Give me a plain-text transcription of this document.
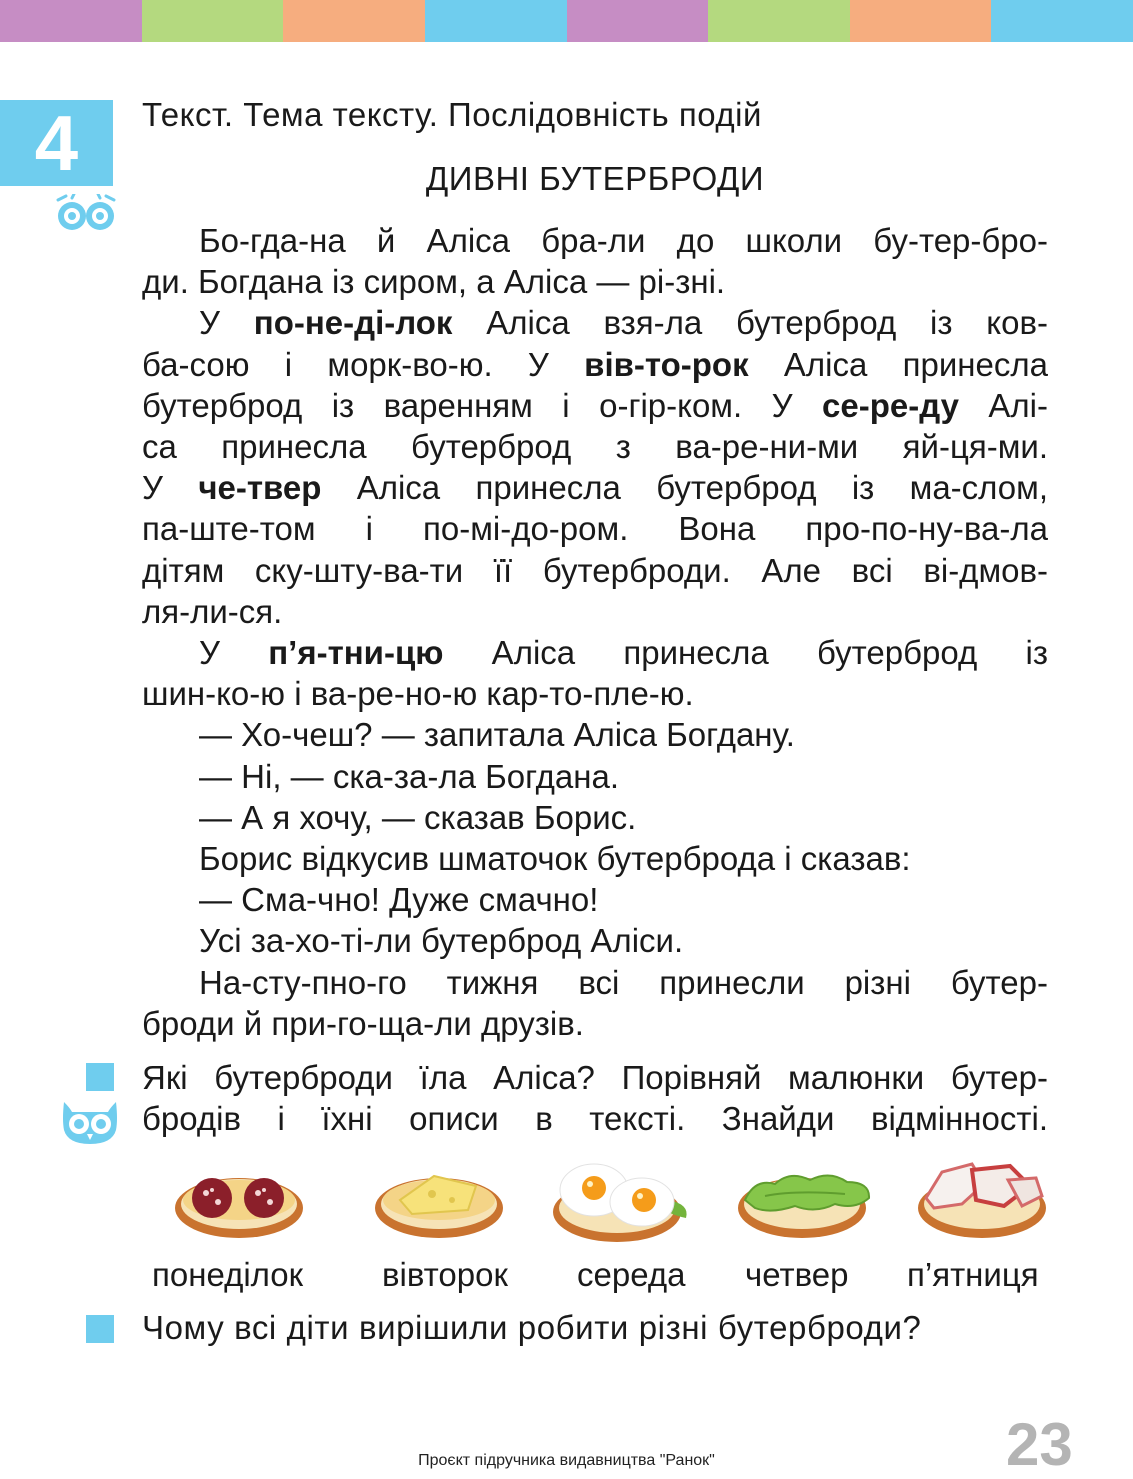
4 Текст. Тема тексту. Послідовність подій
ДИВНІ БУТЕРБРОДИ

Бо-гда-на й Аліса бра-ли до школи бу-тер-бро-

ди. Богдана із сиром, а Аліса — рі-зні.

У по-не-ді-лок Аліса взя-ла бутерброд із ков-

ба-сою і морк-во-ю. У вів-то-рок Аліса принесла

бутерброд із варенням і о-гір-ком. У се-ре-ду Алі-

са принесла бутерброд з ва-ре-ни-ми яй-ця-ми.

У че-твер Аліса принесла бутерброд із ма-слом,

па-ште-том і по-мі-до-ром. Вона про-по-ну-ва-ла

дітям ску-шту-ва-ти її бутерброди. Але всі ві-дмов-

ля-ли-ся.

У п’я-тни-цю Аліса принесла бутерброд із

шин-ко-ю і ва-ре-но-ю кар-то-пле-ю.

— Хо-чеш? — запитала Аліса Богдану.

— Ні, — ска-за-ла Богдана.

— А я хочу, — сказав Борис.

Борис відкусив шматочок бутерброда і сказав:

— Сма-чно! Дуже смачно!

Усі за-хо-ті-ли бутерброд Аліси.

На-сту-пно-го тижня всі принесли різні бутер-

броди й при-го-ща-ли друзів.

Які бутерброди їла Аліса? Порівняй малюнки бутер-
бродів і їхні описи в тексті. Знайди відмінності.
понеділок вівторок середа четвер п’ятниця
Чому всі діти вирішили робити різні бутерброди?
23
Проєкт підручника видавництва "Ранок"
